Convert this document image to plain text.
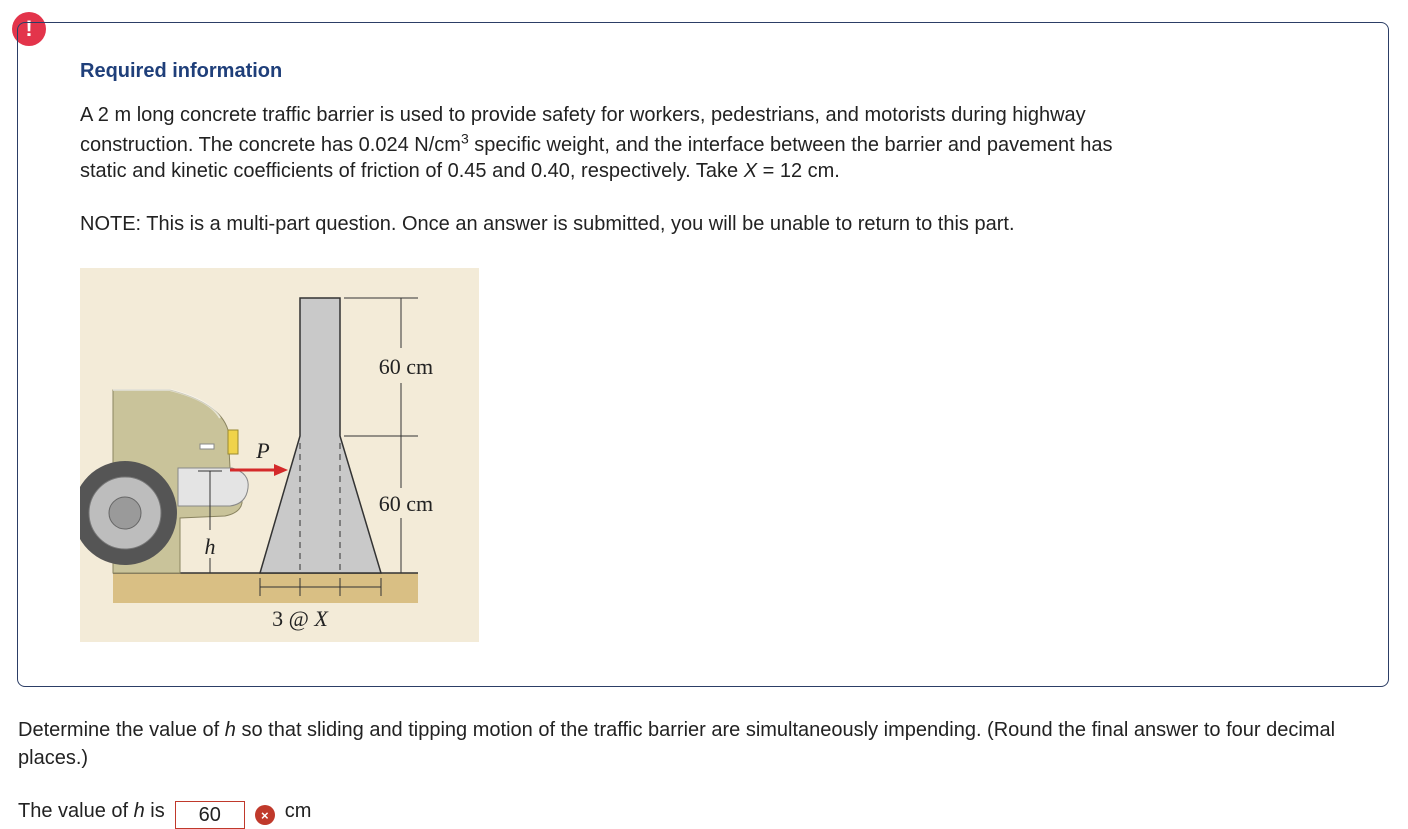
!
Required information
A 2 m long concrete traffic barrier is used to provide safety for workers, pedestrians, and motorists during highway
construction. The concrete has 0.024 $N/cm^3$ specific weight, and the interface between the barrier and pavement has
static and kinetic coefficients of friction of 0.45 and 0.40, respectively. Take X = 12 cm.
NOTE: This is a multi-part question. Once an answer is submitted, you will be unable to return to this part.
60 cm
60 cm
P
h
3 @ X
Determine the value of h so that sliding and tipping motion of the traffic barrier are simultaneously impending. (Round the final answer to four decimal places.)
The value of h is
60	× cm
